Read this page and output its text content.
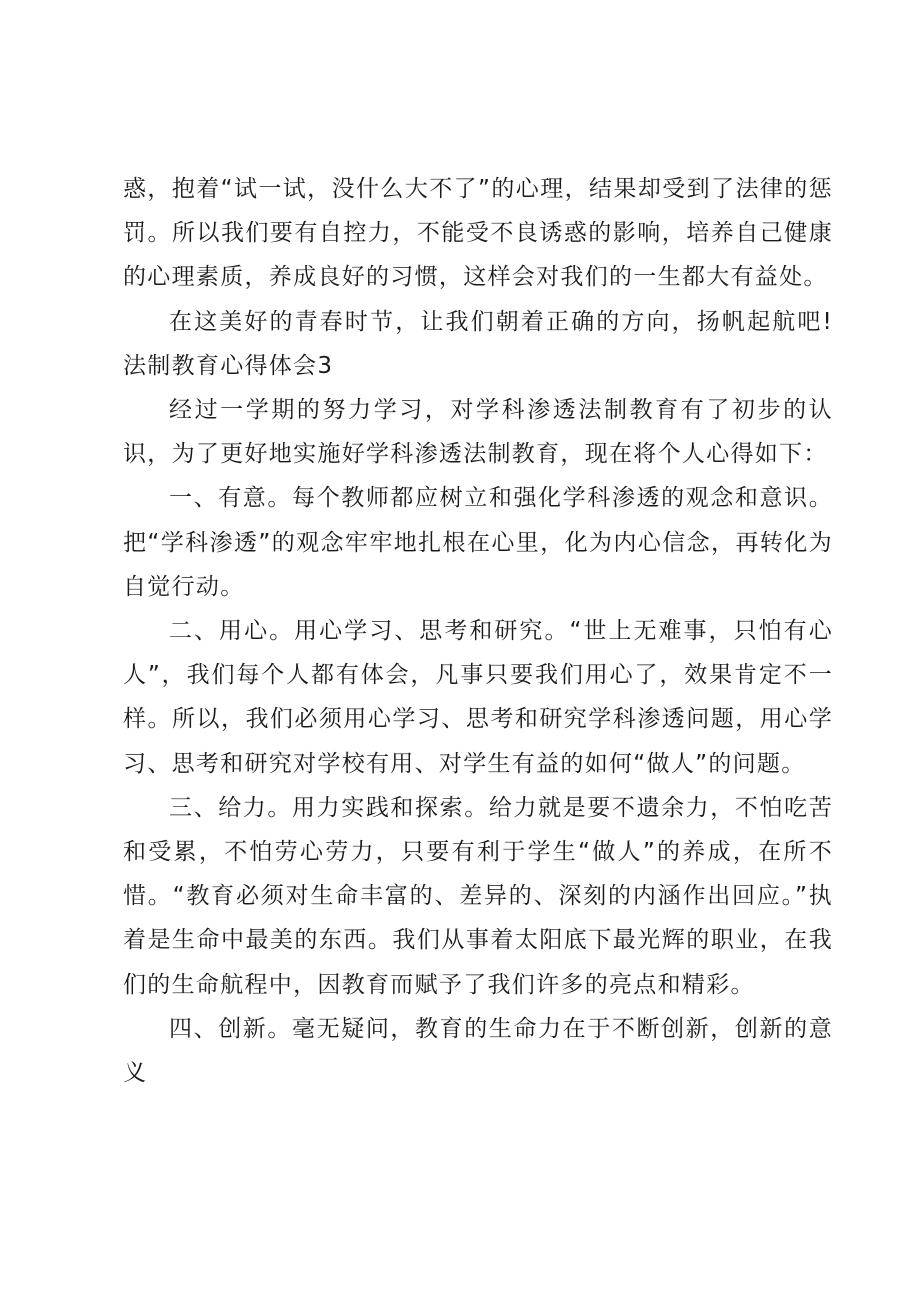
惑，抱着“试一试，没什么大不了”的心理，结果却受到了法律的惩罚。所以我们要有自控力，不能受不良诱惑的影响，培养自己健康的心理素质，养成良好的习惯，这样会对我们的一生都大有益处。

在这美好的青春时节，让我们朝着正确的方向，扬帆起航吧!法制教育心得体会3

经过一学期的努力学习，对学科渗透法制教育有了初步的认识，为了更好地实施好学科渗透法制教育，现在将个人心得如下：

一、有意。每个教师都应树立和强化学科渗透的观念和意识。把“学科渗透”的观念牢牢地扎根在心里，化为内心信念，再转化为自觉行动。

二、用心。用心学习、思考和研究。“世上无难事，只怕有心人”，我们每个人都有体会，凡事只要我们用心了，效果肯定不一样。所以，我们必须用心学习、思考和研究学科渗透问题，用心学习、思考和研究对学校有用、对学生有益的如何“做人”的问题。

三、给力。用力实践和探索。给力就是要不遗余力，不怕吃苦和受累，不怕劳心劳力，只要有利于学生“做人”的养成，在所不惜。“教育必须对生命丰富的、差异的、深刻的内涵作出回应。”执着是生命中最美的东西。我们从事着太阳底下最光辉的职业，在我们的生命航程中，因教育而赋予了我们许多的亮点和精彩。

四、创新。毫无疑问，教育的生命力在于不断创新，创新的意义
